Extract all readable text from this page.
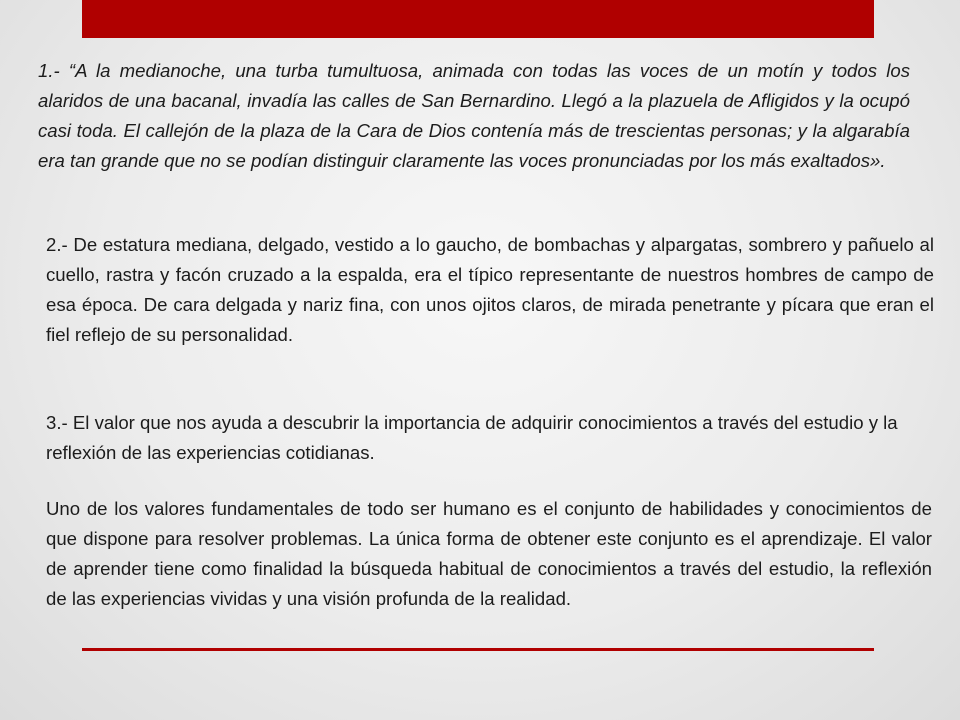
1.- “A la medianoche, una turba tumultuosa, animada con todas las voces de un motín y todos los alaridos de una bacanal, invadía las calles de San Bernardino. Llegó a la plazuela de Afligidos y la ocupó casi toda. El callejón de la plaza de la Cara de Dios contenía más de trescientas personas; y la algarabía era tan grande que no se podían distinguir claramente las voces pronunciadas por los más exaltados».

2.- De estatura mediana, delgado, vestido a lo gaucho, de bombachas y alpargatas, sombrero y pañuelo al cuello, rastra y facón cruzado a la espalda, era el típico representante de nuestros hombres de campo de esa época. De cara delgada y nariz fina, con unos ojitos claros, de mirada penetrante y pícara que eran el fiel reflejo de su personalidad.

3.- El valor que nos ayuda a descubrir la importancia de adquirir conocimientos a través del estudio y la reflexión de las experiencias cotidianas.

Uno de los valores fundamentales de todo ser humano es el conjunto de habilidades y conocimientos de que dispone para resolver problemas. La única forma de obtener este conjunto es el aprendizaje. El valor de aprender tiene como finalidad la búsqueda habitual de conocimientos a través del estudio, la reflexión de las experiencias vividas y una visión profunda de la realidad.
